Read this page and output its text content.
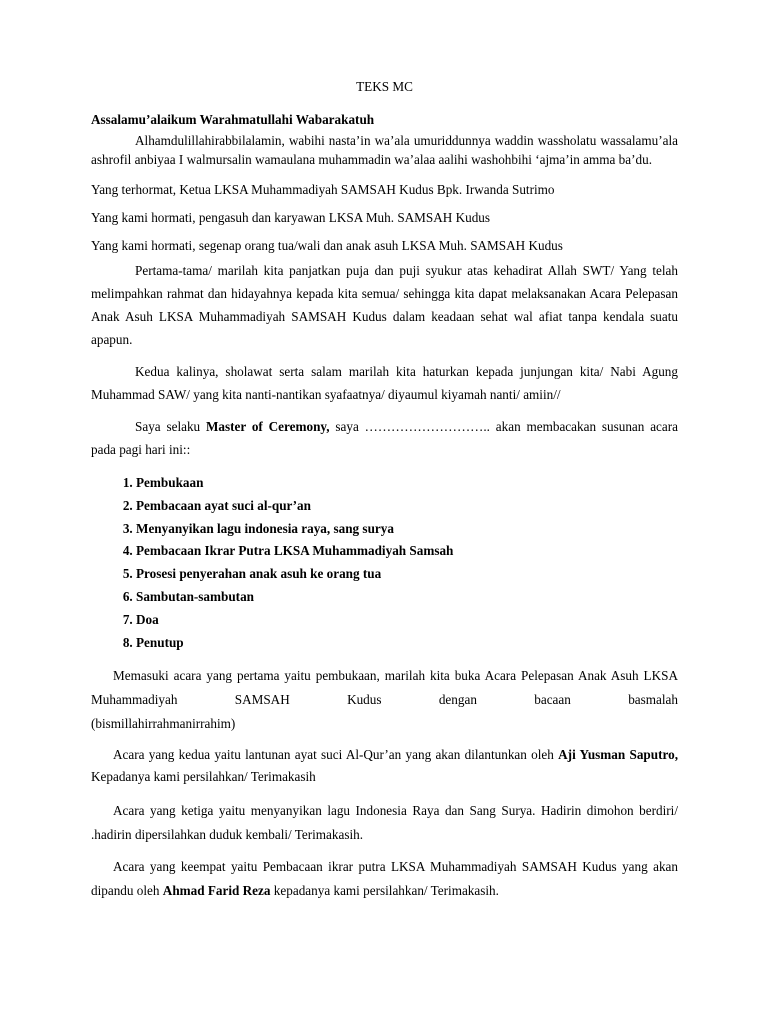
TEKS MC
Assalamu’alaikum Warahmatullahi Wabarakatuh

Alhamdulillahirabbilalamin, wabihi nasta’in wa’ala umuriddunnya waddin wassholatu wassalamu’ala ashrofil anbiyaa I walmursalin wamaulana muhammadin wa’alaa aalihi washohbihi ‘ajma’in amma ba’du.

Yang terhormat, Ketua LKSA Muhammadiyah SAMSAH Kudus Bpk. Irwanda Sutrimo

Yang kami hormati, pengasuh dan karyawan LKSA Muh. SAMSAH Kudus

Yang kami hormati, segenap orang tua/wali dan anak asuh LKSA Muh. SAMSAH Kudus

Pertama-tama/ marilah kita panjatkan puja dan puji syukur atas kehadirat Allah SWT/ Yang telah melimpahkan rahmat dan hidayahnya kepada kita semua/ sehingga kita dapat melaksanakan Acara Pelepasan Anak Asuh LKSA Muhammadiyah SAMSAH Kudus dalam keadaan sehat wal afiat tanpa kendala suatu apapun.

Kedua kalinya, sholawat serta salam marilah kita haturkan kepada junjungan kita/ Nabi Agung Muhammad SAW/ yang kita nanti-nantikan syafaatnya/ diyaumul kiyamah nanti/ amiin//

Saya selaku Master of Ceremony, saya ……………………….. akan membacakan susunan acara pada pagi hari ini::

1. Pembukaan
2. Pembacaan ayat suci al-qur’an
3. Menyanyikan lagu indonesia raya, sang surya
4. Pembacaan Ikrar Putra LKSA Muhammadiyah Samsah
5. Prosesi penyerahan anak asuh ke orang tua
6. Sambutan-sambutan
7. Doa
8. Penutup

Memasuki acara yang pertama yaitu pembukaan, marilah kita buka Acara Pelepasan Anak Asuh LKSA Muhammadiyah SAMSAH Kudus dengan bacaan basmalah

(bismillahirrahmanirrahim)

Acara yang kedua yaitu lantunan ayat suci Al-Qur’an yang akan dilantunkan oleh Aji Yusman Saputro, Kepadanya kami persilahkan/ Terimakasih

Acara yang ketiga yaitu menyanyikan lagu Indonesia Raya dan Sang Surya. Hadirin dimohon berdiri/ .hadirin dipersilahkan duduk kembali/ Terimakasih.

Acara yang keempat yaitu Pembacaan ikrar putra LKSA Muhammadiyah SAMSAH Kudus yang akan dipandu oleh Ahmad Farid Reza kepadanya kami persilahkan/ Terimakasih.
